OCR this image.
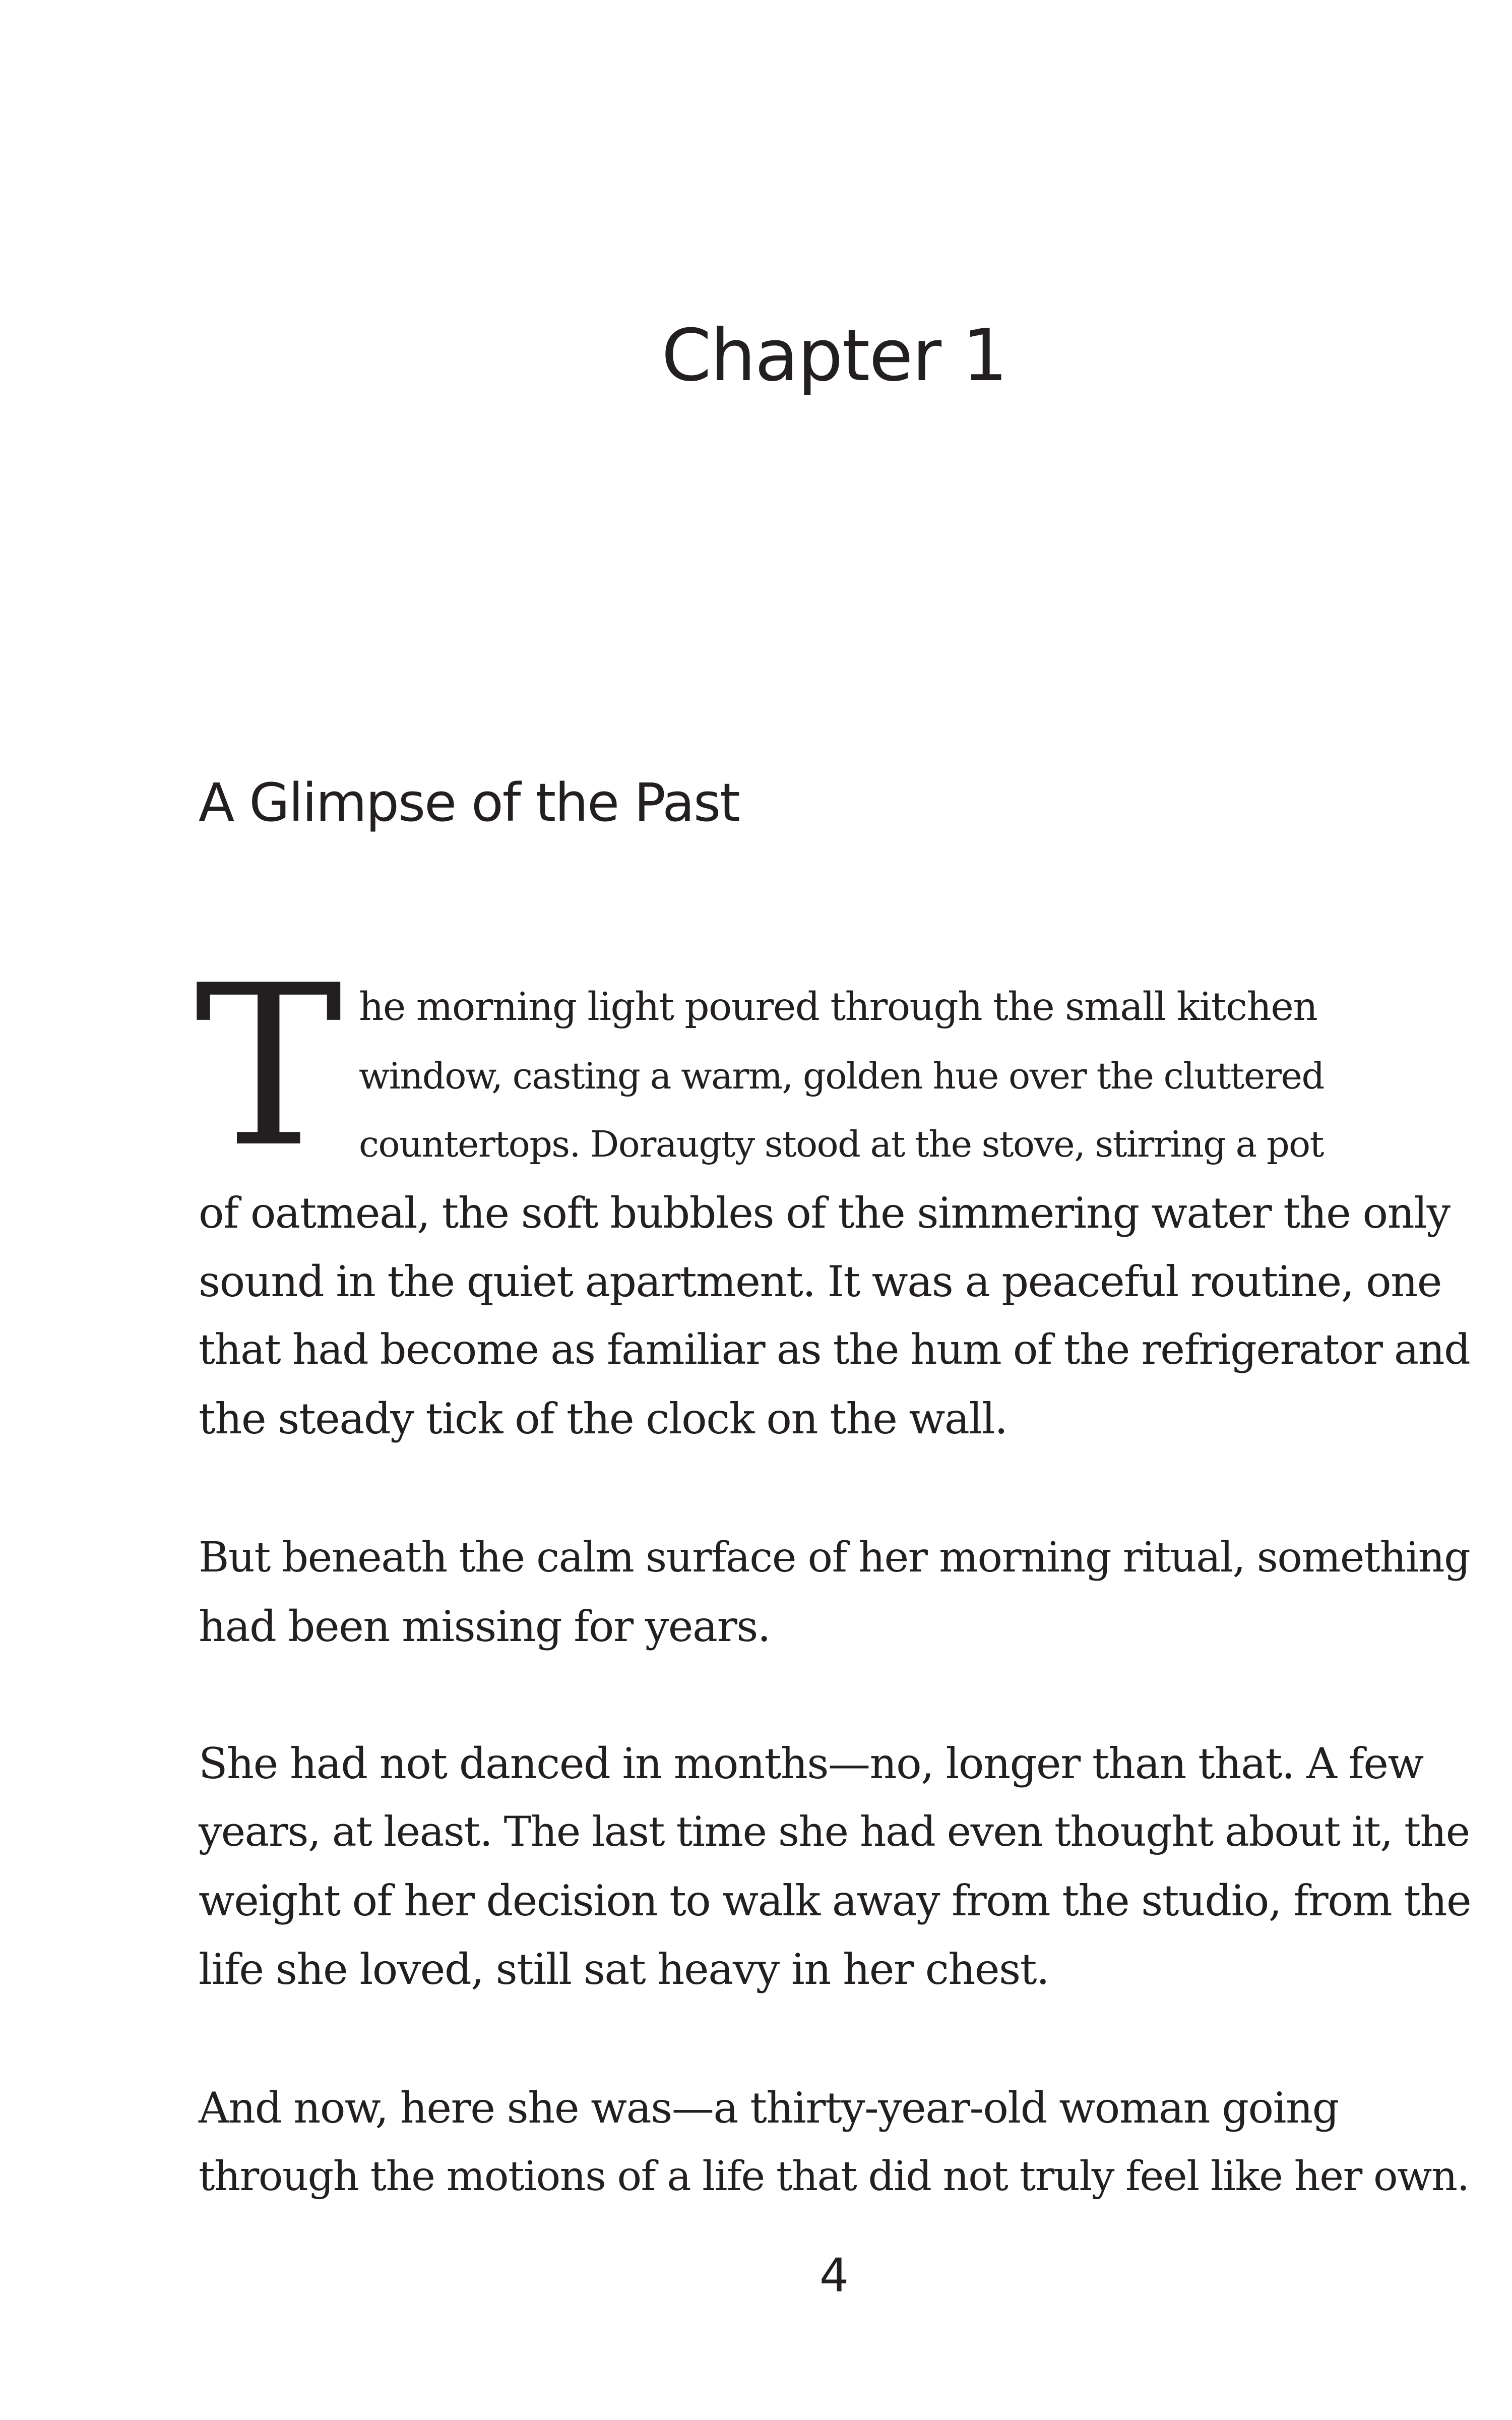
Chapter 1
A Glimpse of the Past
T he morning light poured through the small kitchen
window, casting a warm, golden hue over the cluttered
countertops. Doraugty stood at the stove, stirring a pot
of oatmeal, the soft bubbles of the simmering water the only
sound in the quiet apartment. It was a peaceful routine, one
that had become as familiar as the hum of the refrigerator and
the steady tick of the clock on the wall.
But beneath the calm surface of her morning ritual, something
had been missing for years.
She had not danced in months—no, longer than that. A few
years, at least. The last time she had even thought about it, the
weight of her decision to walk away from the studio, from the
life she loved, still sat heavy in her chest.
And now, here she was—a thirty-year-old woman going
through the motions of a life that did not truly feel like her own.
4
